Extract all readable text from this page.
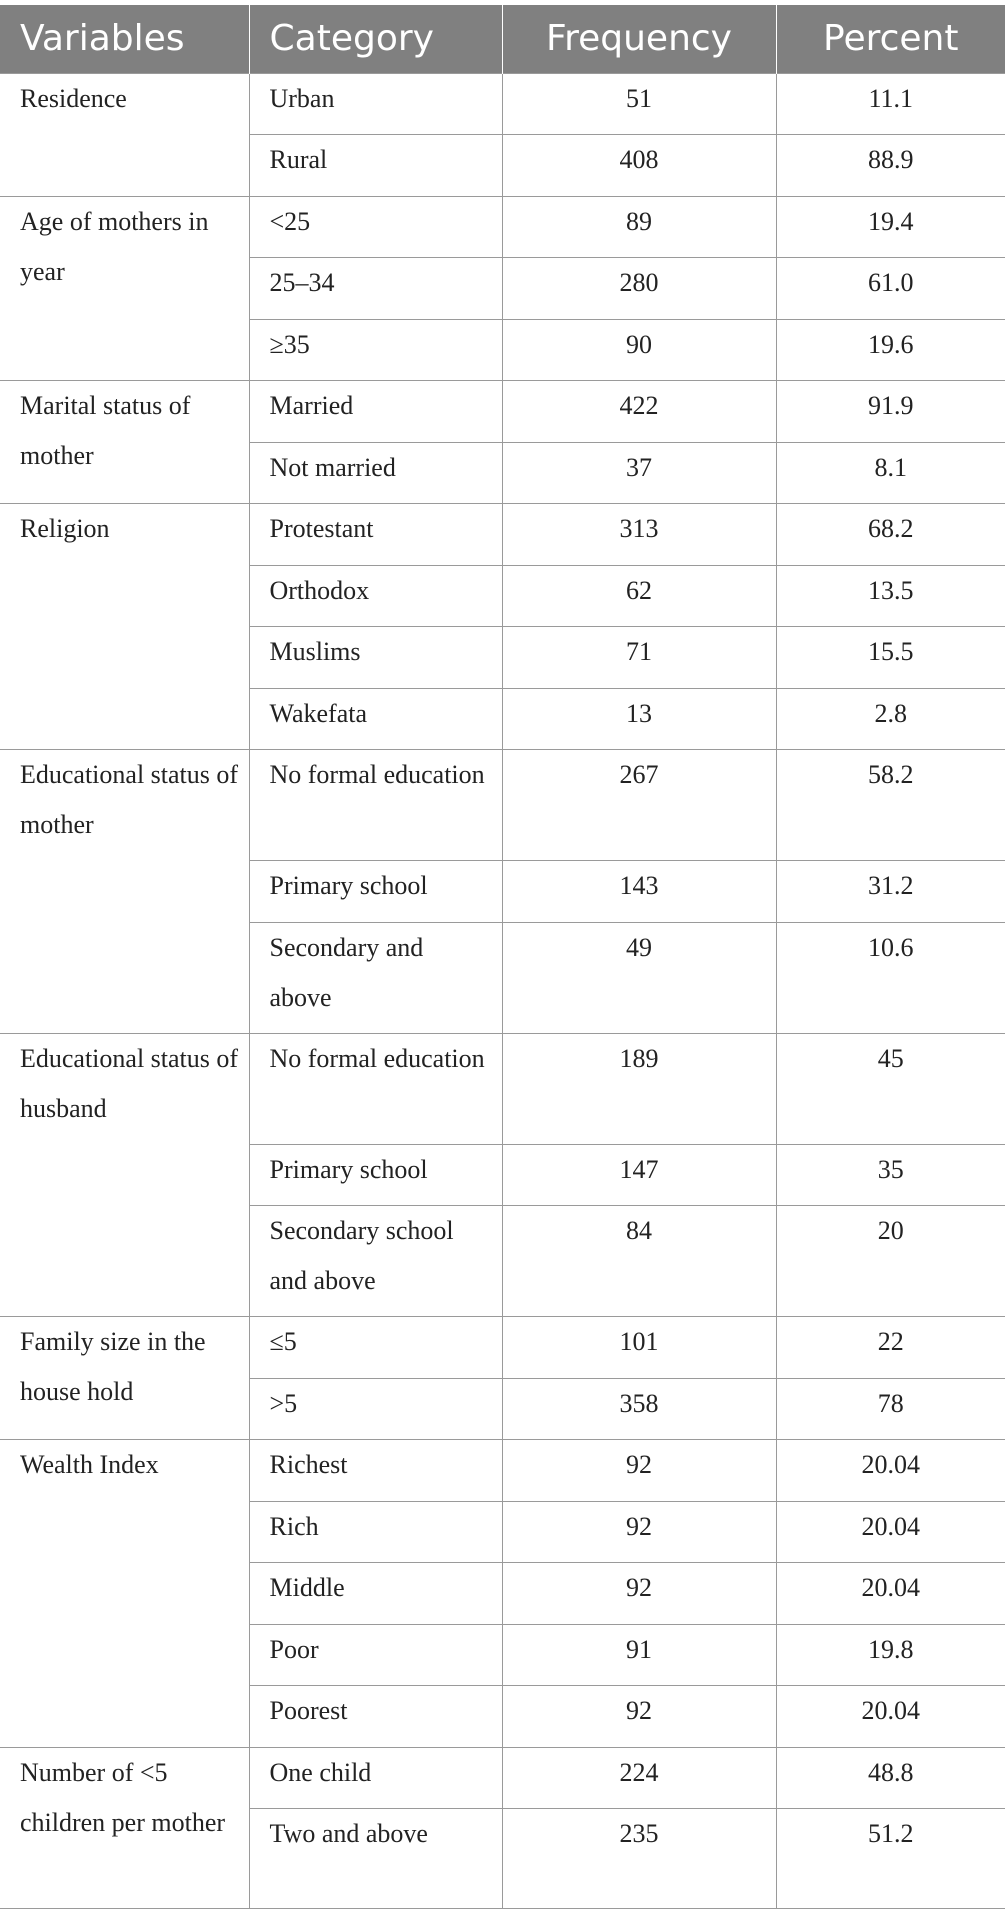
Variables	Category	Frequency	Percent
Residence	Urban	51	11.1
	Rural	408	88.9
Age of mothers in year	<25	89	19.4
	25–34	280	61.0
	≥35	90	19.6
Marital status of mother	Married	422	91.9
	Not married	37	8.1
Religion	Protestant	313	68.2
	Orthodox	62	13.5
	Muslims	71	15.5
	Wakefata	13	2.8
Educational status of mother	No formal education	267	58.2
	Primary school	143	31.2
	Secondary and above	49	10.6
Educational status of husband	No formal education	189	45
	Primary school	147	35
	Secondary school and above	84	20
Family size in the house hold	≤5	101	22
	>5	358	78
Wealth Index	Richest	92	20.04
	Rich	92	20.04
	Middle	92	20.04
	Poor	91	19.8
	Poorest	92	20.04
Number of <5 children per mother	One child	224	48.8
	Two and above	235	51.2
